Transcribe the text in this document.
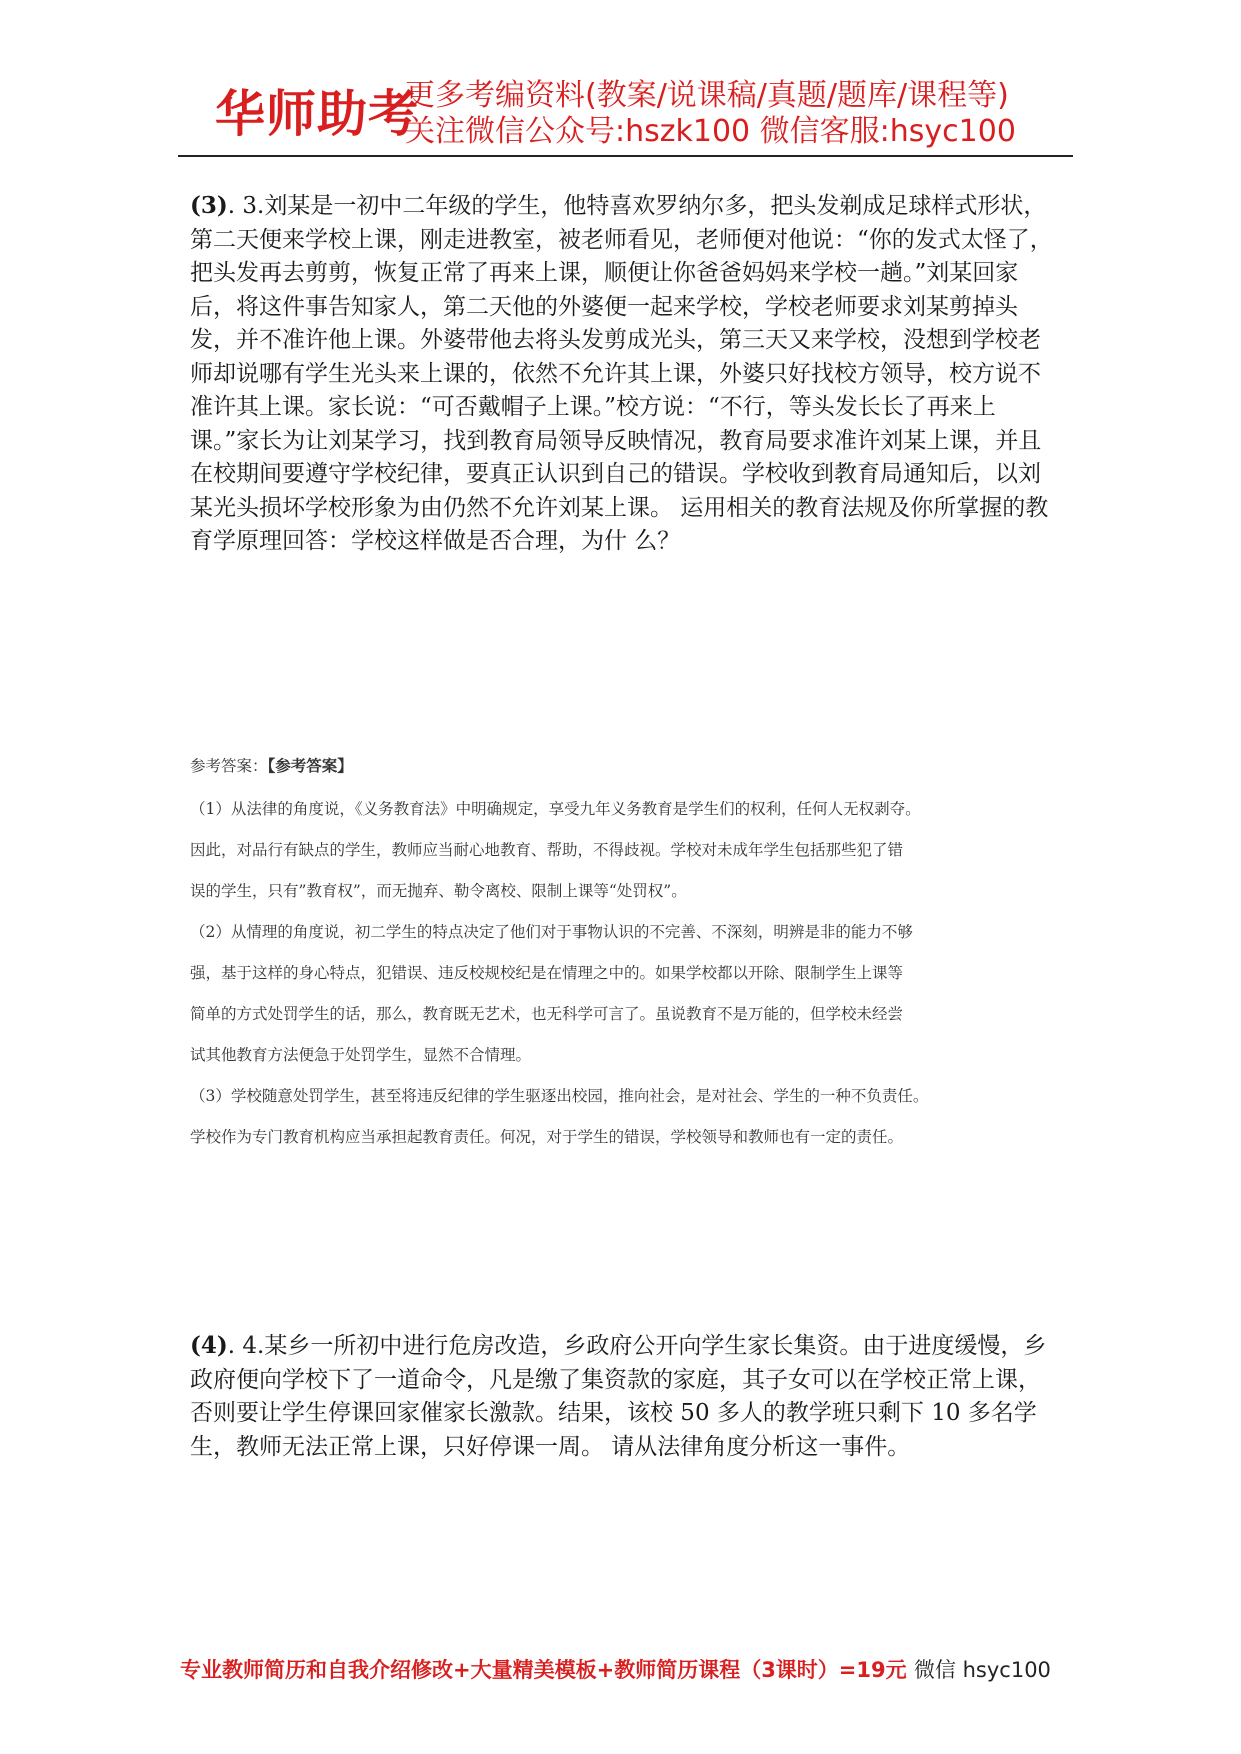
华师助考
更多考编资料(教案/说课稿/真题/题库/课程等)
关注微信公众号:hszk100 微信客服:hsyc100
(3). 3.刘某是一初中二年级的学生，他特喜欢罗纳尔多，把头发剃成足球样式形状，第二天便来学校上课，刚走进教室，被老师看见，老师便对他说：“你的发式太怪了，把头发再去剪剪，恢复正常了再来上课，顺便让你爸爸妈妈来学校一趟。”刘某回家后，将这件事告知家人，第二天他的外婆便一起来学校，学校老师要求刘某剪掉头发，并不准许他上课。外婆带他去将头发剪成光头，第三天又来学校，没想到学校老师却说哪有学生光头来上课的，依然不允许其上课，外婆只好找校方领导，校方说不准许其上课。家长说：“可否戴帽子上课。”校方说：“不行，等头发长长了再来上课。”家长为让刘某学习，找到教育局领导反映情况，教育局要求准许刘某上课，并且在校期间要遵守学校纪律，要真正认识到自己的错误。学校收到教育局通知后，以刘某光头损坏学校形象为由仍然不允许刘某上课。 运用相关的教育法规及你所掌握的教育学原理回答：学校这样做是否合理，为什 么？
参考答案：【参考答案】

（1）从法律的角度说，《义务教育法》中明确规定，享受九年义务教育是学生们的权利，任何人无权剥夺。

因此，对品行有缺点的学生，教师应当耐心地教育、帮助，不得歧视。学校对未成年学生包括那些犯了错

误的学生，只有”教育权”，而无抛弃、勒令离校、限制上课等“处罚权”。

（2）从情理的角度说，初二学生的特点决定了他们对于事物认识的不完善、不深刻，明辨是非的能力不够

强，基于这样的身心特点，犯错误、违反校规校纪是在情理之中的。如果学校都以开除、限制学生上课等

简单的方式处罚学生的话，那么，教育既无艺术，也无科学可言了。虽说教育不是万能的，但学校未经尝

试其他教育方法便急于处罚学生，显然不合情理。

（3）学校随意处罚学生，甚至将违反纪律的学生驱逐出校园，推向社会，是对社会、学生的一种不负责任。

学校作为专门教育机构应当承担起教育责任。何况，对于学生的错误，学校领导和教师也有一定的责任。

(4). 4.某乡一所初中进行危房改造，乡政府公开向学生家长集资。由于进度缓慢，乡政府便向学校下了一道命令，凡是缴了集资款的家庭，其子女可以在学校正常上课，否则要让学生停课回家催家长激款。结果，该校 50 多人的教学班只剩下 10 多名学生，教师无法正常上课，只好停课一周。 请从法律角度分析这一事件。
专业教师简历和自我介绍修改+大量精美模板+教师简历课程（3课时）=19元 微信 hsyc100
